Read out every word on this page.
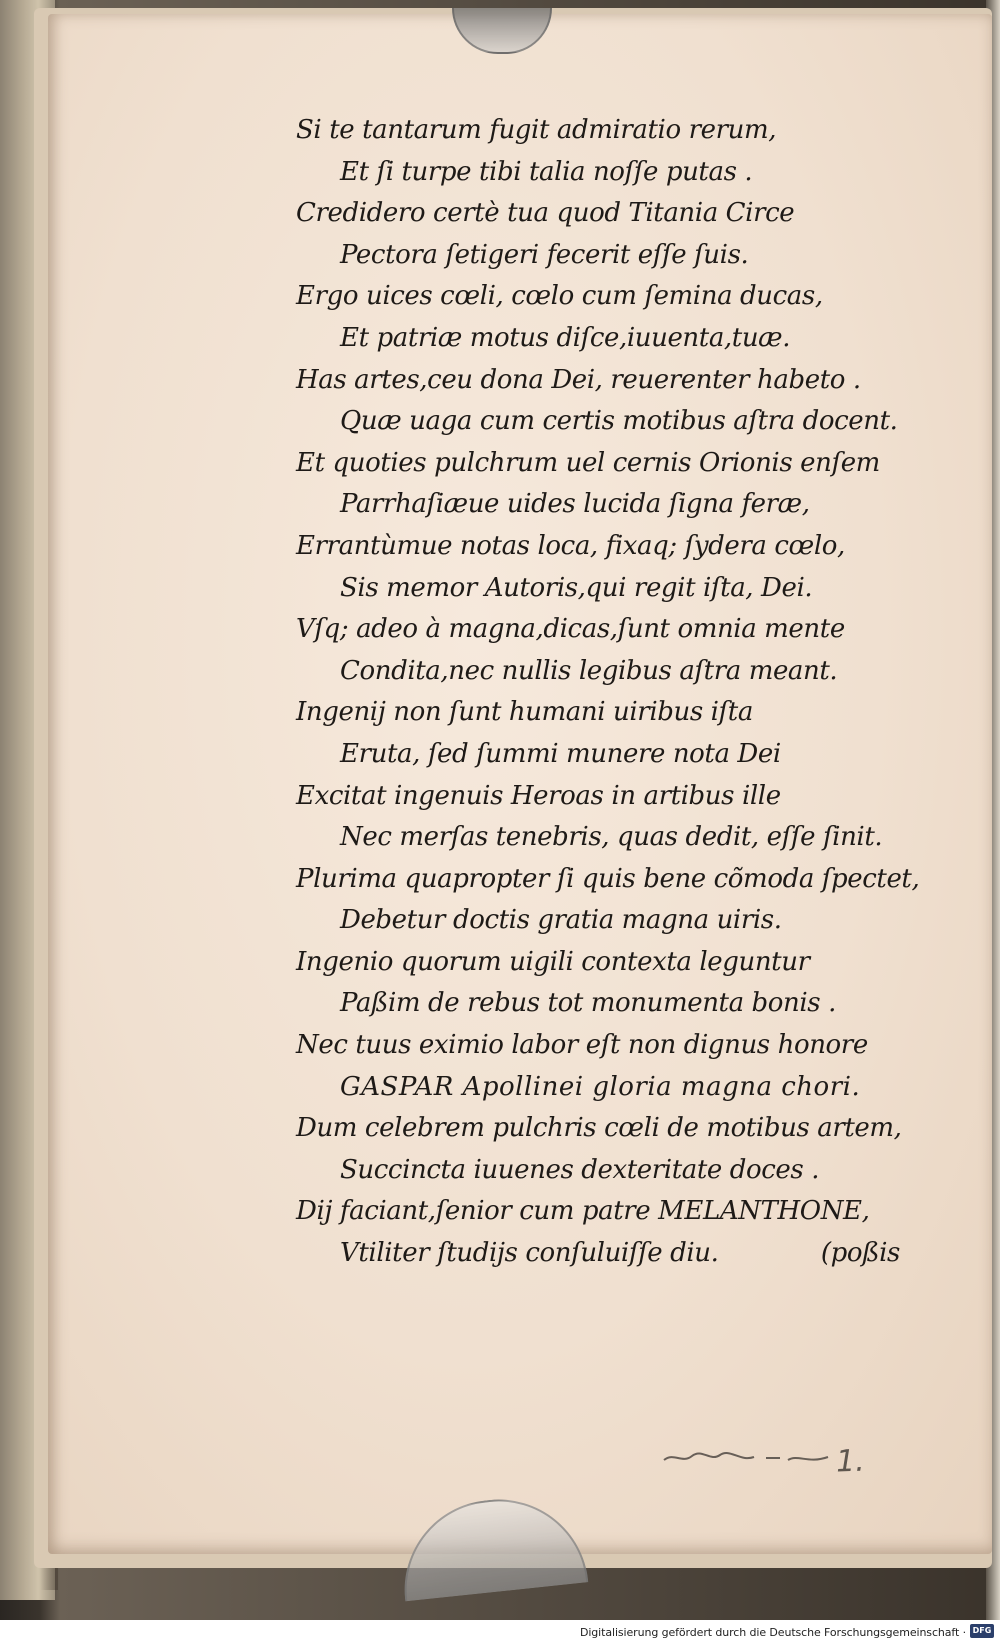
Si te tantarum fugit admiratio rerum,
Et ſi turpe tibi talia noſſe putas .
Credidero certè tua quod Titania Circe
Pectora ſetigeri fecerit eſſe ſuis.
Ergo uices cœli, cœlo cum ſemina ducas,
Et patriæ motus diſce,iuuenta,tuæ.
Has artes,ceu dona Dei, reuerenter habeto .
Quæ uaga cum certis motibus aſtra docent.
Et quoties pulchrum uel cernis Orionis enſem
Parrhaſiæue uides lucida ſigna feræ,
Errantùmue notas loca, fixaq; ſydera cœlo,
Sis memor Autoris,qui regit iſta, Dei.
Vſq; adeo à magna,dicas,ſunt omnia mente
Condita,nec nullis legibus aſtra meant.
Ingenij non ſunt humani uiribus iſta
Eruta, ſed ſummi munere nota Dei
Excitat ingenuis Heroas in artibus ille
Nec merſas tenebris, quas dedit, eſſe ſinit.
Plurima quapropter ſi quis bene cõmoda ſpectet,
Debetur doctis gratia magna uiris.
Ingenio quorum uigili contexta leguntur
Paßim de rebus tot monumenta bonis .
Nec tuus eximio labor eſt non dignus honore
GASPAR Apollinei gloria magna chori.
Dum celebrem pulchris cœli de motibus artem,
Succincta iuuenes dexteritate doces .
Dij faciant,ſenior cum patre MELANTHONE,
Vtiliter ſtudijs conſuluiſſe diu.	(poßis
1.
Digitalisierung gefördert durch die Deutsche Forschungsgemeinschaft · DFG
